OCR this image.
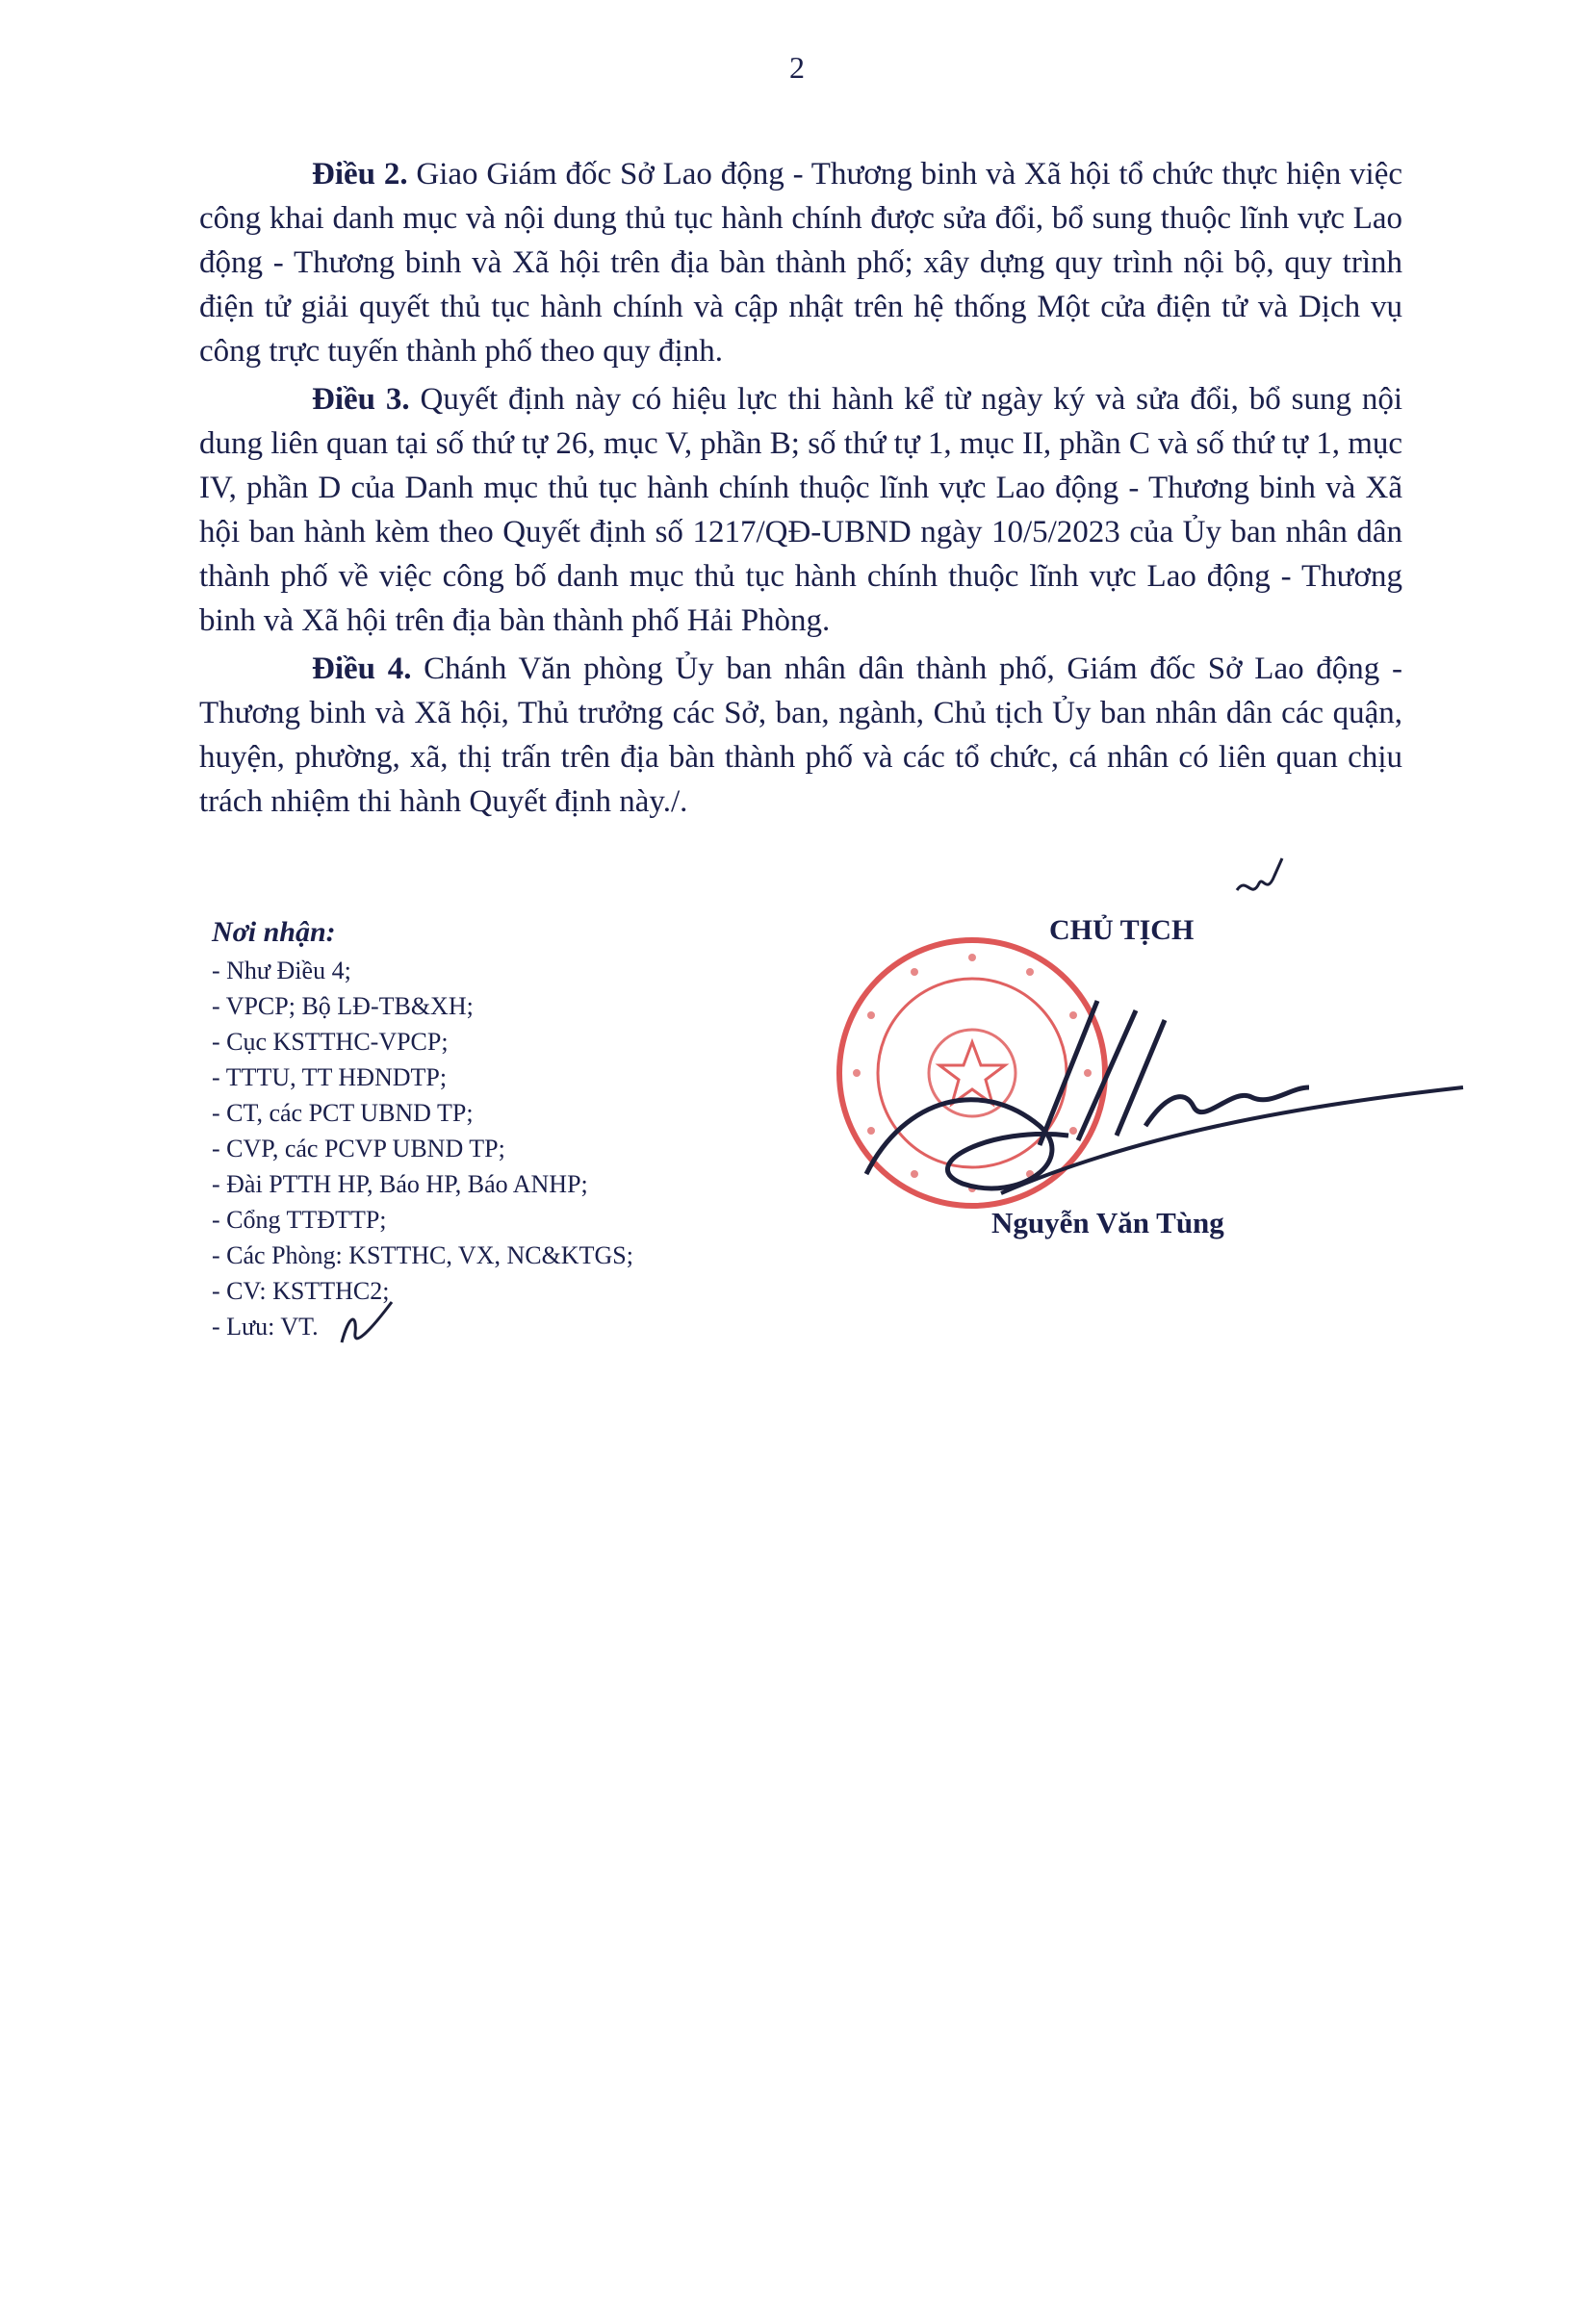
2

Điều 2. Giao Giám đốc Sở Lao động - Thương binh và Xã hội tổ chức thực hiện việc công khai danh mục và nội dung thủ tục hành chính được sửa đổi, bổ sung thuộc lĩnh vực Lao động - Thương binh và Xã hội trên địa bàn thành phố; xây dựng quy trình nội bộ, quy trình điện tử giải quyết thủ tục hành chính và cập nhật trên hệ thống Một cửa điện tử và Dịch vụ công trực tuyến thành phố theo quy định.

Điều 3. Quyết định này có hiệu lực thi hành kể từ ngày ký và sửa đổi, bổ sung nội dung liên quan tại số thứ tự 26, mục V, phần B; số thứ tự 1, mục II, phần C và số thứ tự 1, mục IV, phần D của Danh mục thủ tục hành chính thuộc lĩnh vực Lao động - Thương binh và Xã hội ban hành kèm theo Quyết định số 1217/QĐ-UBND ngày 10/5/2023 của Ủy ban nhân dân thành phố về việc công bố danh mục thủ tục hành chính thuộc lĩnh vực Lao động - Thương binh và Xã hội trên địa bàn thành phố Hải Phòng.

Điều 4. Chánh Văn phòng Ủy ban nhân dân thành phố, Giám đốc Sở Lao động - Thương binh và Xã hội, Thủ trưởng các Sở, ban, ngành, Chủ tịch Ủy ban nhân dân các quận, huyện, phường, xã, thị trấn trên địa bàn thành phố và các tổ chức, cá nhân có liên quan chịu trách nhiệm thi hành Quyết định này./.

Nơi nhận:
- Như Điều 4;
- VPCP; Bộ LĐ-TB&XH;
- Cục KSTTHC-VPCP;
- TTTU, TT HĐNDTP;
- CT, các PCT UBND TP;
- CVP, các PCVP UBND TP;
- Đài PTTH HP, Báo HP, Báo ANHP;
- Cổng TTĐTTP;
- Các Phòng: KSTTHC, VX, NC&KTGS;
- CV: KSTTHC2;
- Lưu: VT.
CHỦ TỊCH
Nguyễn Văn Tùng
